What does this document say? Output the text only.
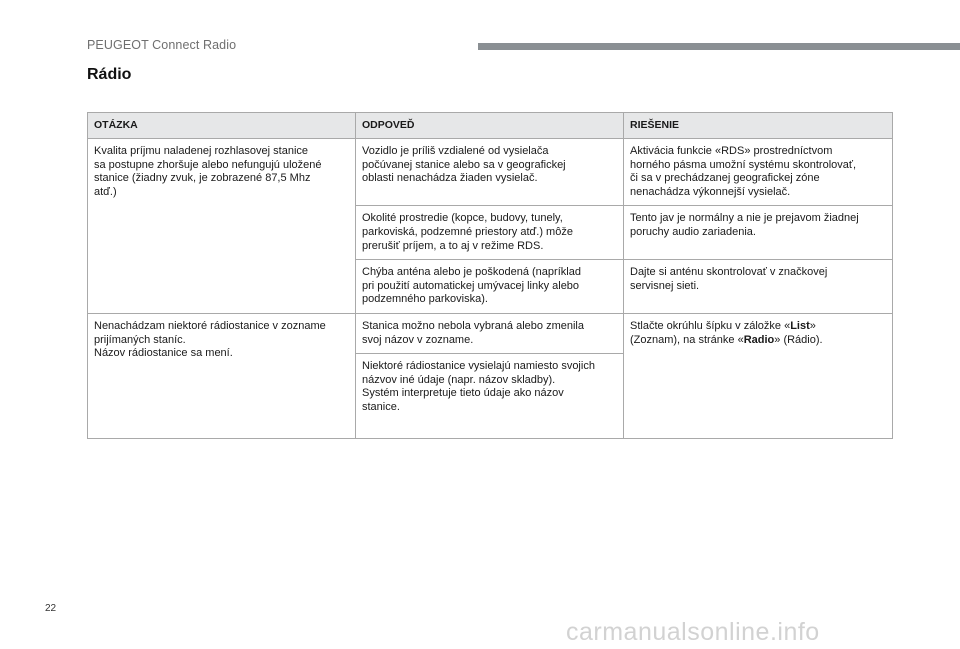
PEUGEOT Connect Radio
Rádio
OTÁZKA	ODPOVEĎ	RIEŠENIE

Kvalita príjmu naladenej rozhlasovej stanice
sa postupne zhoršuje alebo nefungujú uložené
stanice (žiadny zvuk, je zobrazené 87,5 Mhz
atď.)	Vozidlo je príliš vzdialené od vysielača
počúvanej stanice alebo sa v geografickej
oblasti nenachádza žiaden vysielač.	Aktivácia funkcie «RDS» prostredníctvom
horného pásma umožní systému skontrolovať,
či sa v prechádzanej geografickej zóne
nenachádza výkonnejší vysielač.

	Okolité prostredie (kopce, budovy, tunely,
parkoviská, podzemné priestory atď.) môže
prerušiť príjem, a to aj v režime RDS.	Tento jav je normálny a nie je prejavom žiadnej
poruchy audio zariadenia.

	Chýba anténa alebo je poškodená (napríklad
pri použití automatickej umývacej linky alebo
podzemného parkoviska).	Dajte si anténu skontrolovať v značkovej
servisnej sieti.

Nenachádzam niektoré rádiostanice v zozname
prijímaných staníc.
Názov rádiostanice sa mení.	Stanica možno nebola vybraná alebo zmenila
svoj názov v zozname.	Stlačte okrúhlu šípku v záložke «List»
(Zoznam), na stránke «Radio» (Rádio).

	Niektoré rádiostanice vysielajú namiesto svojich
názvov iné údaje (napr. názov skladby).
Systém interpretuje tieto údaje ako názov
stanice.	
22
carmanualsonline.info
